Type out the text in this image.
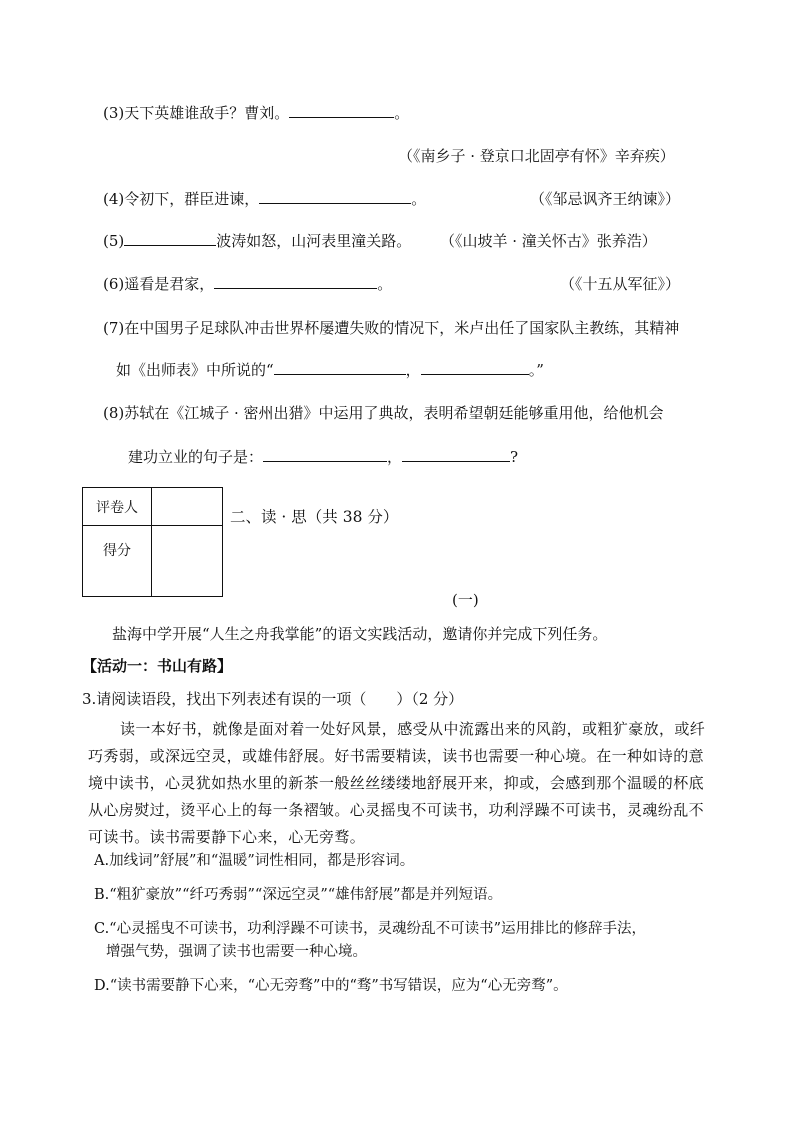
(3)天下英雄谁敌手？曹刘。	。
（《南乡子 · 登京口北固亭有怀》辛弃疾）
(4)令初下，群臣进谏，	。	（《邹忌讽齐王纳谏》）
(5)	波涛如怒，山河表里潼关路。 （《山坡羊 · 潼关怀古》张养浩）
(6)遥看是君家，	。	（《十五从军征》）
(7)在中国男子足球队冲击世界杯屡遭失败的情况下，米卢出任了国家队主教练，其精神
如《出师表》中所说的“	，	。”
(8)苏轼在《江城子 · 密州出猎》中运用了典故，表明希望朝廷能够重用他，给他机会
建功立业的句子是：	，	?
评卷人	
得分	
二、读 · 思（共 38 分）
(一)
盐海中学开展“人生之舟我掌能”的语文实践活动，邀请你并完成下列任务。
【活动一：书山有路】
3.请阅读语段，找出下列表述有误的一项（　　）（2 分）
读一本好书，就像是面对着一处好风景，感受从中流露出来的风韵，或粗犷豪放，或纤巧秀弱，或深远空灵，或雄伟舒展。好书需要精读，读书也需要一种心境。在一种如诗的意境中读书，心灵犹如热水里的新茶一般丝丝缕缕地舒展开来，抑或，会感到那个温暖的杯底从心房熨过，烫平心上的每一条褶皱。心灵摇曳不可读书，功利浮躁不可读书，灵魂纷乱不可读书。读书需要静下心来，心无旁骛。
A.加线词”舒展”和“温暖”词性相同，都是形容词。
B.“粗犷豪放”“纤巧秀弱”“深远空灵”“雄伟舒展”都是并列短语。
C.“心灵摇曳不可读书，功利浮躁不可读书，灵魂纷乱不可读书”运用排比的修辞手法，
增强气势，强调了读书也需要一种心境。
D.“读书需要静下心来，“心无旁骛”中的“骛”书写错误，应为“心无旁骛”。
